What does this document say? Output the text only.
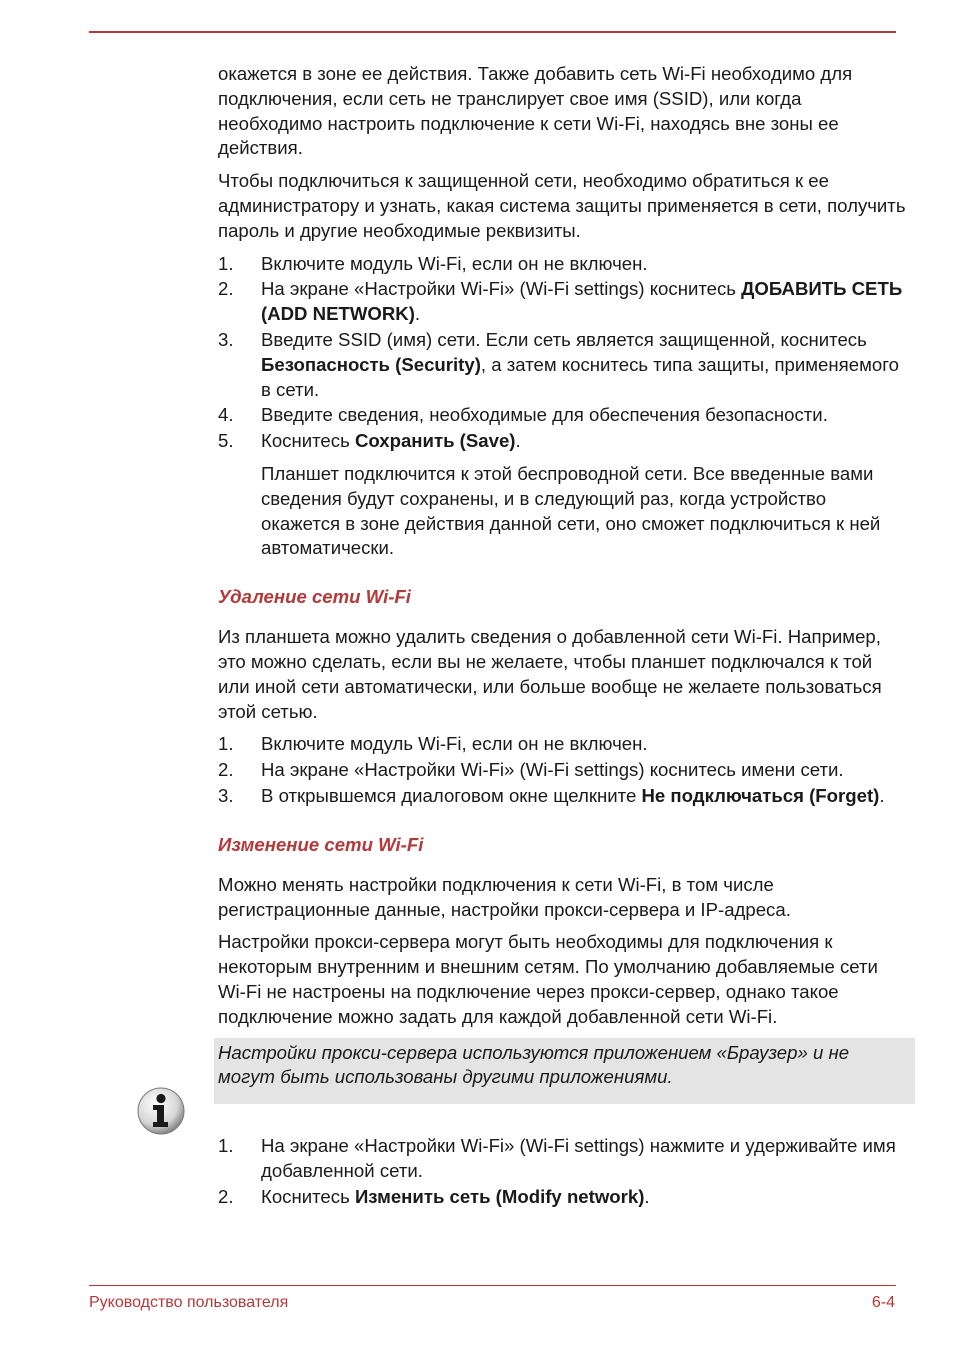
окажется в зоне ее действия. Также добавить сеть Wi-Fi необходимо для подключения, если сеть не транслирует свое имя (SSID), или когда необходимо настроить подключение к сети Wi-Fi, находясь вне зоны ее действия.

Чтобы подключиться к защищенной сети, необходимо обратиться к ее администратору и узнать, какая система защиты применяется в сети, получить пароль и другие необходимые реквизиты.

1. Включите модуль Wi-Fi, если он не включен.
2. На экране «Настройки Wi-Fi» (Wi-Fi settings) коснитесь ДОБАВИТЬ СЕТЬ (ADD NETWORK).
3. Введите SSID (имя) сети. Если сеть является защищенной, коснитесь Безопасность (Security), а затем коснитесь типа защиты, применяемого в сети.
4. Введите сведения, необходимые для обеспечения безопасности.
5. Коснитесь Сохранить (Save).

Планшет подключится к этой беспроводной сети. Все введенные вами сведения будут сохранены, и в следующий раз, когда устройство окажется в зоне действия данной сети, оно сможет подключиться к ней автоматически.

Удаление сети Wi-Fi

Из планшета можно удалить сведения о добавленной сети Wi-Fi. Например, это можно сделать, если вы не желаете, чтобы планшет подключался к той или иной сети автоматически, или больше вообще не желаете пользоваться этой сетью.

1. Включите модуль Wi-Fi, если он не включен.
2. На экране «Настройки Wi-Fi» (Wi-Fi settings) коснитесь имени сети.
3. В открывшемся диалоговом окне щелкните Не подключаться (Forget).
Изменение сети Wi-Fi

Можно менять настройки подключения к сети Wi-Fi, в том числе регистрационные данные, настройки прокси-сервера и IP-адреса.

Настройки прокси-сервера могут быть необходимы для подключения к некоторым внутренним и внешним сетям. По умолчанию добавляемые сети Wi-Fi не настроены на подключение через прокси-сервер, однако такое подключение можно задать для каждой добавленной сети Wi-Fi.

Настройки прокси-сервера используются приложением «Браузер» и не могут быть использованы другими приложениями.

1. На экране «Настройки Wi-Fi» (Wi-Fi settings) нажмите и удерживайте имя добавленной сети.
2. Коснитесь Изменить сеть (Modify network).
Руководство пользователя	6-4
